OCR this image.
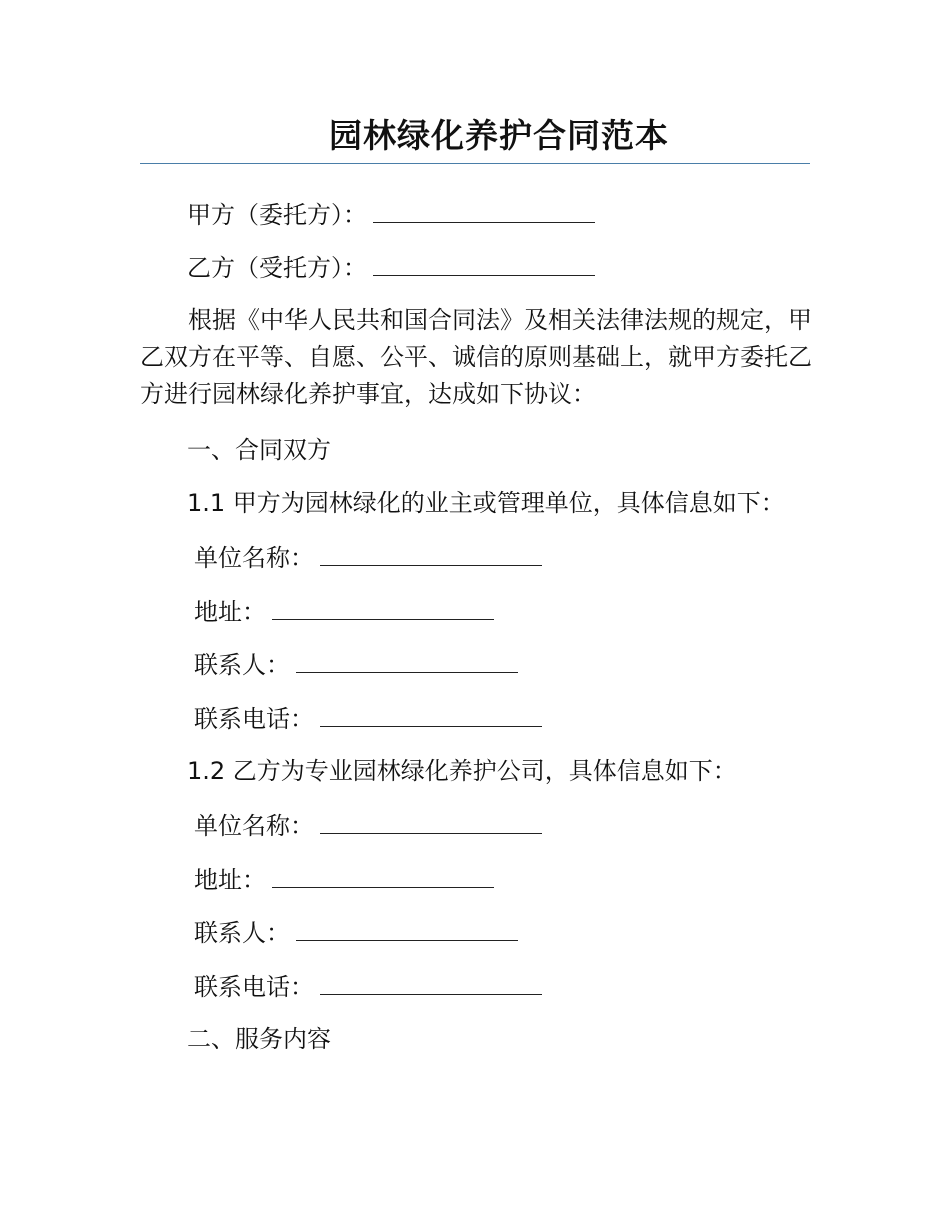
园林绿化养护合同范本
甲方（委托方）：
乙方（受托方）：
根据《中华人民共和国合同法》及相关法律法规的规定，甲乙双方在平等、自愿、公平、诚信的原则基础上，就甲方委托乙方进行园林绿化养护事宜，达成如下协议：
一、合同双方
1.1 甲方为园林绿化的业主或管理单位，具体信息如下：
单位名称：
地址：
联系人：
联系电话：
1.2 乙方为专业园林绿化养护公司，具体信息如下：
单位名称：
地址：
联系人：
联系电话：
二、服务内容
